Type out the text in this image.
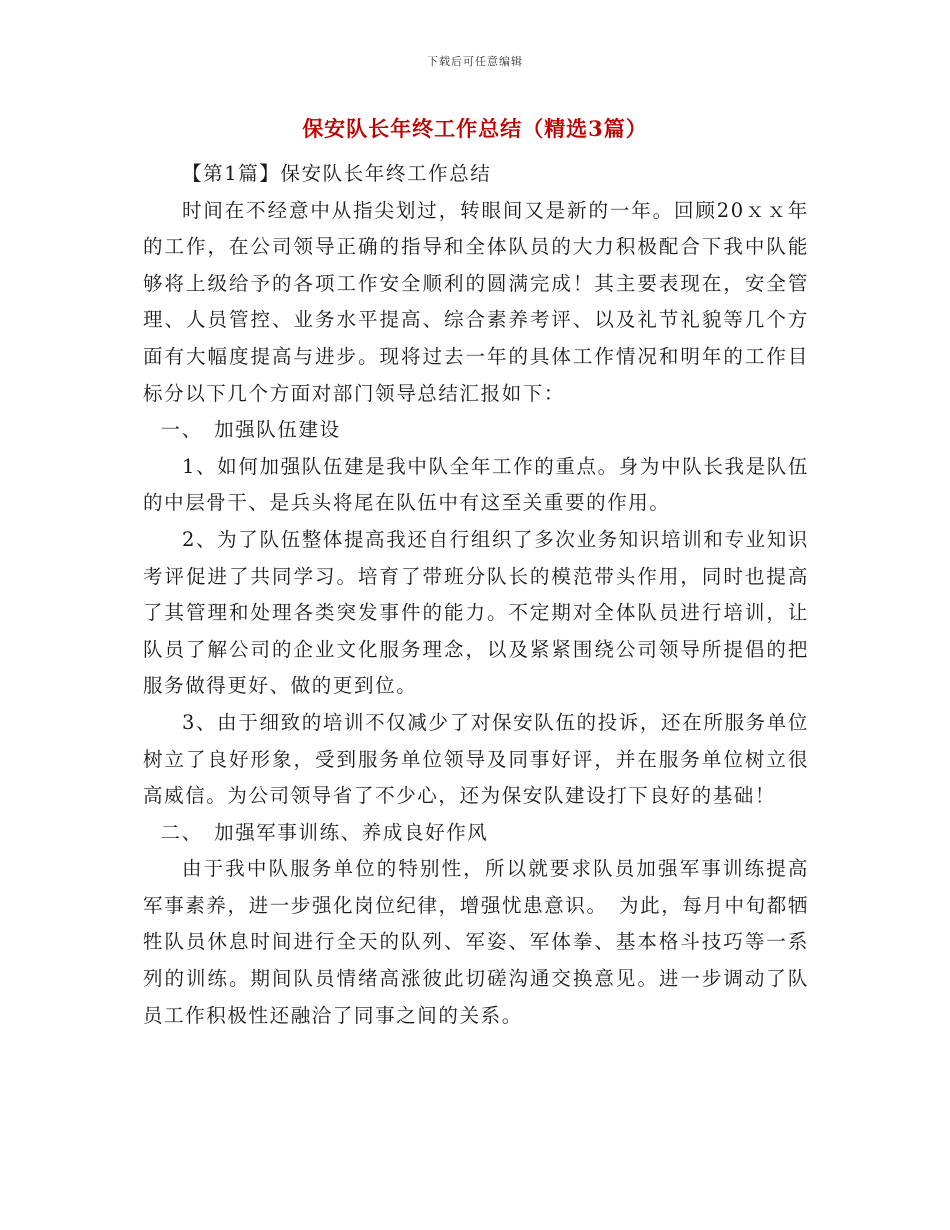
下载后可任意编辑
保安队长年终工作总结（精选3篇）

【第1篇】保安队长年终工作总结

时间在不经意中从指尖划过，转眼间又是新的一年。回顾20ｘｘ年的工作，在公司领导正确的指导和全体队员的大力积极配合下我中队能够将上级给予的各项工作安全顺利的圆满完成！其主要表现在，安全管理、人员管控、业务水平提高、综合素养考评、以及礼节礼貌等几个方面有大幅度提高与进步。现将过去一年的具体工作情况和明年的工作目标分以下几个方面对部门领导总结汇报如下：

一、　加强队伍建设

1、如何加强队伍建是我中队全年工作的重点。身为中队长我是队伍的中层骨干、是兵头将尾在队伍中有这至关重要的作用。

2、为了队伍整体提高我还自行组织了多次业务知识培训和专业知识考评促进了共同学习。培育了带班分队长的模范带头作用，同时也提高了其管理和处理各类突发事件的能力。不定期对全体队员进行培训，让队员了解公司的企业文化服务理念，以及紧紧围绕公司领导所提倡的把服务做得更好、做的更到位。

3、由于细致的培训不仅减少了对保安队伍的投诉，还在所服务单位树立了良好形象，受到服务单位领导及同事好评，并在服务单位树立很高威信。为公司领导省了不少心，还为保安队建设打下良好的基础！

二、　加强军事训练、养成良好作风

由于我中队服务单位的特别性，所以就要求队员加强军事训练提高军事素养，进一步强化岗位纪律，增强忧患意识。　为此，每月中旬都牺牲队员休息时间进行全天的队列、军姿、军体拳、基本格斗技巧等一系列的训练。期间队员情绪高涨彼此切磋沟通交换意见。进一步调动了队员工作积极性还融洽了同事之间的关系。
